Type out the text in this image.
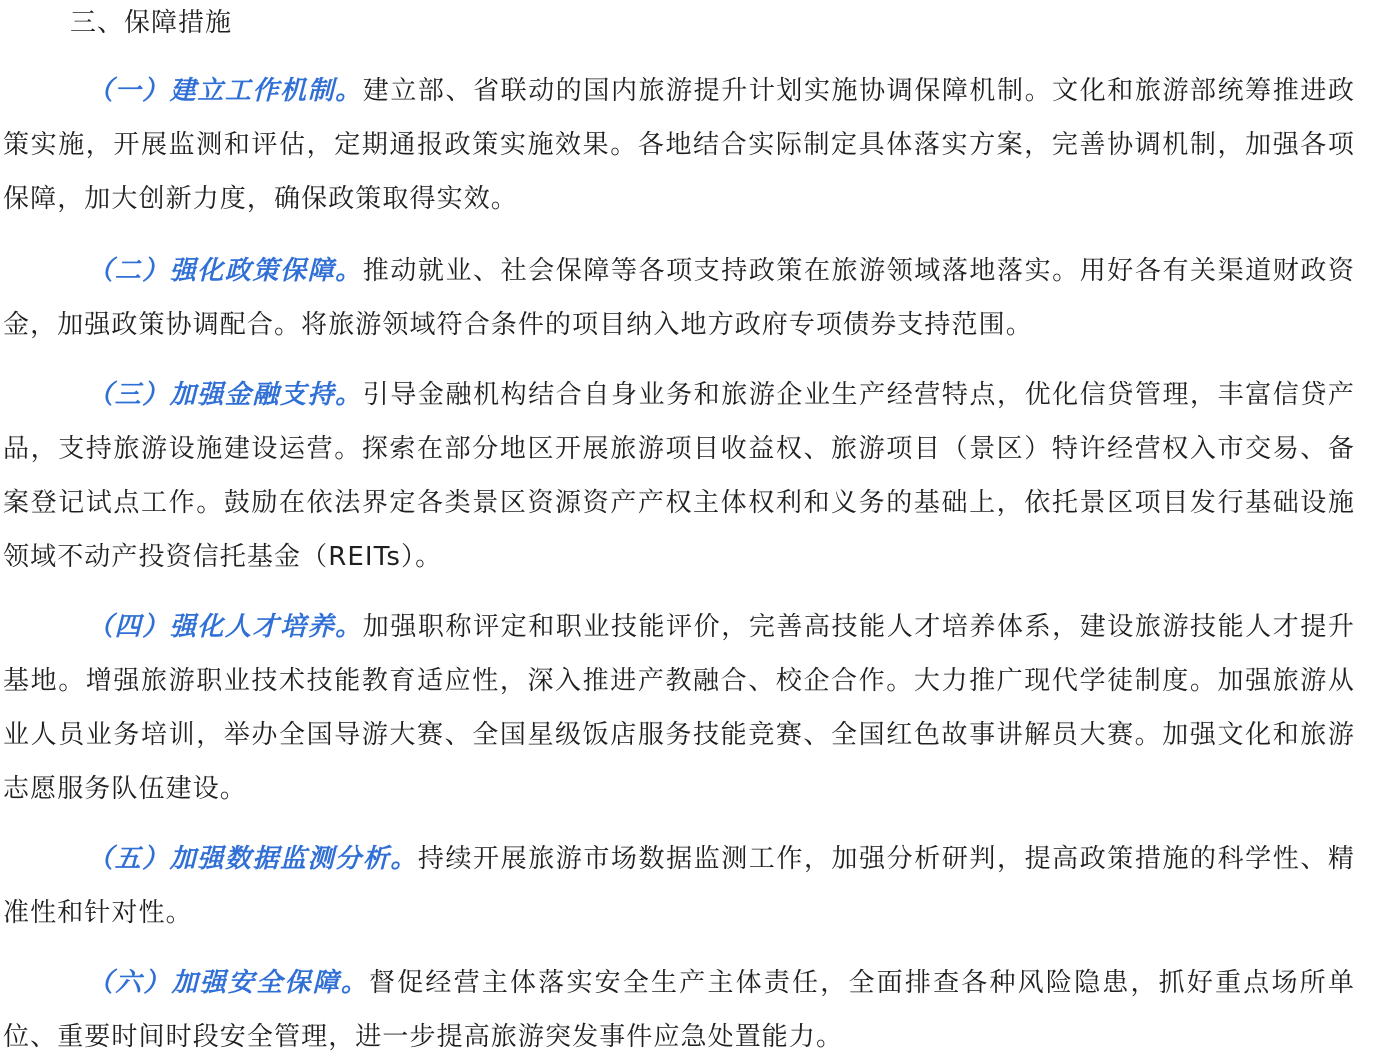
三、保障措施

（一）建立工作机制。建立部、省联动的国内旅游提升计划实施协调保障机制。文化和旅游部统筹推进政策实施，开展监测和评估，定期通报政策实施效果。各地结合实际制定具体落实方案，完善协调机制，加强各项保障，加大创新力度，确保政策取得实效。

（二）强化政策保障。推动就业、社会保障等各项支持政策在旅游领域落地落实。用好各有关渠道财政资金，加强政策协调配合。将旅游领域符合条件的项目纳入地方政府专项债券支持范围。

（三）加强金融支持。引导金融机构结合自身业务和旅游企业生产经营特点，优化信贷管理，丰富信贷产品，支持旅游设施建设运营。探索在部分地区开展旅游项目收益权、旅游项目（景区）特许经营权入市交易、备案登记试点工作。鼓励在依法界定各类景区资源资产产权主体权利和义务的基础上，依托景区项目发行基础设施领域不动产投资信托基金（REITs）。

（四）强化人才培养。加强职称评定和职业技能评价，完善高技能人才培养体系，建设旅游技能人才提升基地。增强旅游职业技术技能教育适应性，深入推进产教融合、校企合作。大力推广现代学徒制度。加强旅游从业人员业务培训，举办全国导游大赛、全国星级饭店服务技能竞赛、全国红色故事讲解员大赛。加强文化和旅游志愿服务队伍建设。

（五）加强数据监测分析。持续开展旅游市场数据监测工作，加强分析研判，提高政策措施的科学性、精准性和针对性。

（六）加强安全保障。督促经营主体落实安全生产主体责任，全面排查各种风险隐患，抓好重点场所单位、重要时间时段安全管理，进一步提高旅游突发事件应急处置能力。
